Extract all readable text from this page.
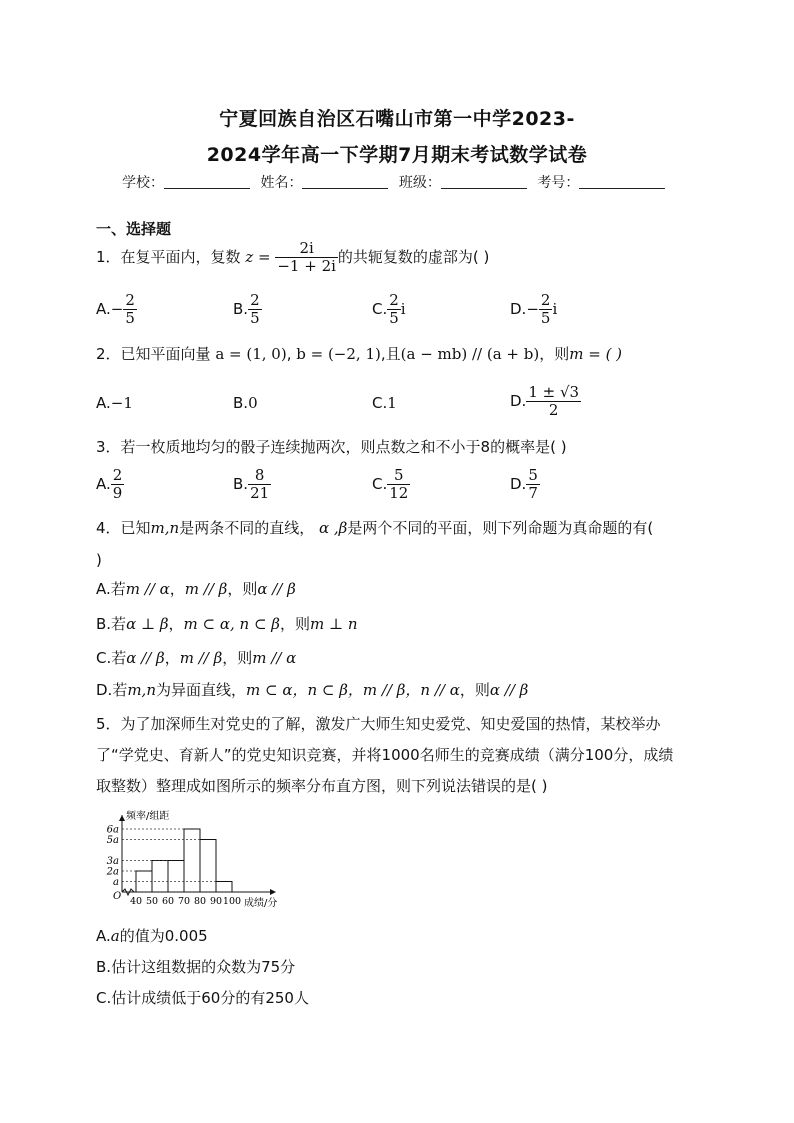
宁夏回族自治区石嘴山市第一中学2023-
2024学年高一下学期7月期末考试数学试卷
学校：	姓名：	班级：	考号：
一、选择题
1．在复平面内，复数 $z = \frac{2i}{-1 + 2i}$ 的共轭复数的虚部为( )
$A.- \frac{2}{5}$	B. $\frac{2}{5}$	C. $\frac{2}{5}$ i	$D.- \frac{2}{5}$ i
2．已知平面向量 a = (1, 0), b = (−2, 1),且(a − mb) // (a + b)，则m = ( )
A.−1	B.0	C.1	D. $\frac{1 \pm √3}{2}$
3．若一枚质地均匀的骰子连续抛两次，则点数之和不小于8的概率是( )
A. $\frac{2}{9}$	B. $\frac{8}{21}$	C. $\frac{5}{12}$	D. $\frac{5}{7}$
4．已知m,n是两条不同的直线， α ,β是两个不同的平面，则下列命题为真命题的有(
)
A.若m // α，m // β，则α // β
B.若α ⊥ β，m ⊂ α, n ⊂ β，则m ⊥ n
C.若α // β，m // β，则m // α
D.若m,n为异面直线，m ⊂ α，n ⊂ β，m // β，n // α，则α // β
5．为了加深师生对党史的了解，激发广大师生知史爱党、知史爱国的热情，某校举办
了“学党史、育新人”的党史知识竞赛，并将1000名师生的竞赛成绩（满分100分，成绩
取整数）整理成如图所示的频率分布直方图，则下列说法错误的是( )
a
2a
3a
5a
6a
40 50 60 70 80 90 100
O
频率/组距
成绩/分
A.a的值为0.005
B.估计这组数据的众数为75分
C.估计成绩低于60分的有250人
